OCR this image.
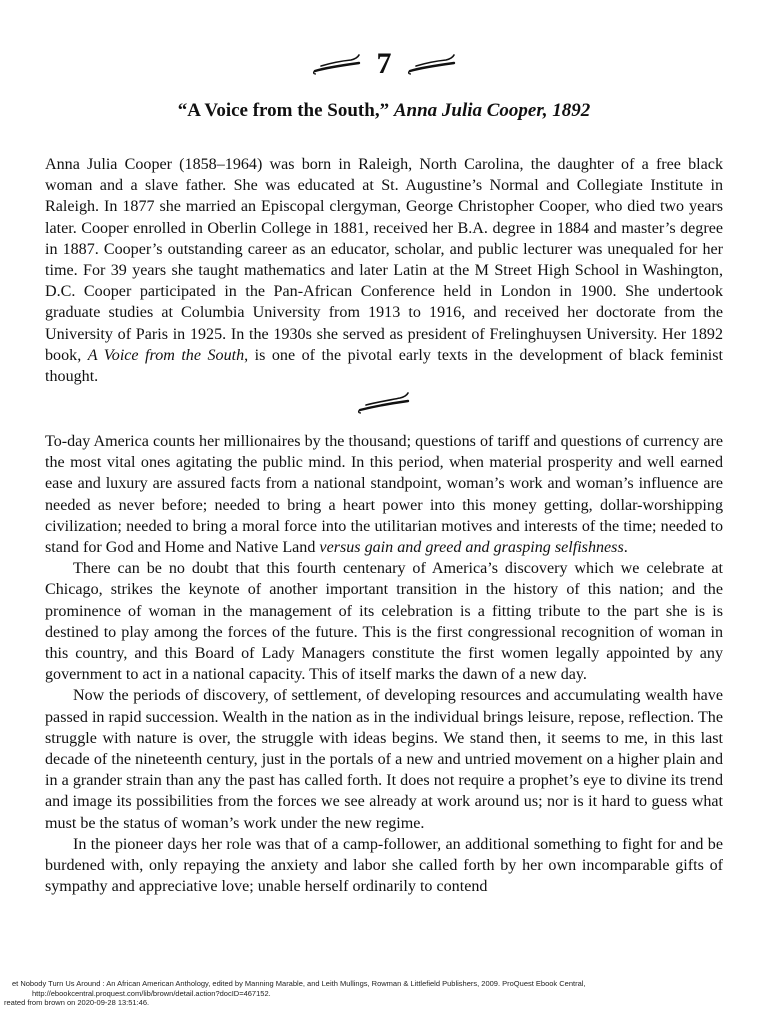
7
“A Voice from the South,” Anna Julia Cooper, 1892

Anna Julia Cooper (1858–1964) was born in Raleigh, North Carolina, the daughter of a free black woman and a slave father. She was educated at St. Augustine’s Normal and Collegiate Institute in Raleigh. In 1877 she married an Episcopal clergyman, George Christopher Cooper, who died two years later. Cooper enrolled in Oberlin College in 1881, received her B.A. degree in 1884 and master’s degree in 1887. Cooper’s outstanding career as an educator, scholar, and public lecturer was unequaled for her time. For 39 years she taught mathematics and later Latin at the M Street High School in Washington, D.C. Cooper participated in the Pan-African Conference held in London in 1900. She undertook graduate studies at Columbia University from 1913 to 1916, and received her doctorate from the University of Paris in 1925. In the 1930s she served as president of Frelinghuysen University. Her 1892 book, A Voice from the South, is one of the pivotal early texts in the development of black feminist thought.

To-day America counts her millionaires by the thousand; questions of tariff and questions of currency are the most vital ones agitating the public mind. In this period, when material prosperity and well earned ease and luxury are assured facts from a national standpoint, woman’s work and woman’s influence are needed as never before; needed to bring a heart power into this money getting, dollar-worshipping civilization; needed to bring a moral force into the utilitarian motives and interests of the time; needed to stand for God and Home and Native Land versus gain and greed and grasping selfishness.

There can be no doubt that this fourth centenary of America’s discovery which we celebrate at Chicago, strikes the keynote of another important transition in the history of this nation; and the prominence of woman in the management of its celebration is a fitting tribute to the part she is is destined to play among the forces of the future. This is the first congressional recognition of woman in this country, and this Board of Lady Managers constitute the first women legally appointed by any government to act in a national capacity. This of itself marks the dawn of a new day.

Now the periods of discovery, of settlement, of developing resources and accumulating wealth have passed in rapid succession. Wealth in the nation as in the individual brings leisure, repose, reflection. The struggle with nature is over, the struggle with ideas begins. We stand then, it seems to me, in this last decade of the nineteenth century, just in the portals of a new and untried movement on a higher plain and in a grander strain than any the past has called forth. It does not require a prophet’s eye to divine its trend and image its possibilities from the forces we see already at work around us; nor is it hard to guess what must be the status of woman’s work under the new regime.

In the pioneer days her role was that of a camp-follower, an additional something to fight for and be burdened with, only repaying the anxiety and labor she called forth by her own incomparable gifts of sympathy and appreciative love; unable herself ordinarily to contend

et Nobody Turn Us Around : An African American Anthology, edited by Manning Marable, and Leith Mullings, Rowman & Littlefield Publishers, 2009. ProQuest Ebook Central,
http://ebookcentral.proquest.com/lib/brown/detail.action?docID=467152.
reated from brown on 2020-09-28 13:51:46.
